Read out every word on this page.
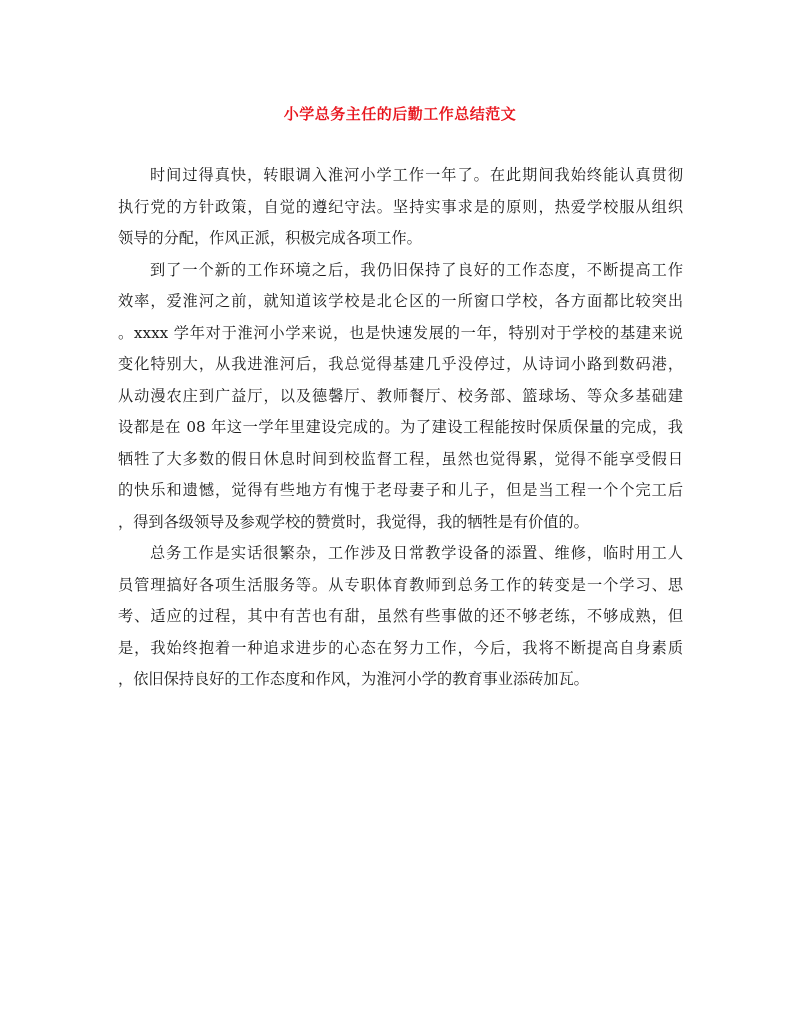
小学总务主任的后勤工作总结范文
时间过得真快，转眼调入淮河小学工作一年了。在此期间我始终能认真贯彻
执行党的方针政策，自觉的遵纪守法。坚持实事求是的原则，热爱学校服从组织
领导的分配，作风正派，积极完成各项工作。
到了一个新的工作环境之后，我仍旧保持了良好的工作态度，不断提高工作
效率，爱淮河之前，就知道该学校是北仑区的一所窗口学校，各方面都比较突出
。xxxx 学年对于淮河小学来说，也是快速发展的一年，特别对于学校的基建来说
变化特别大，从我进淮河后，我总觉得基建几乎没停过，从诗词小路到数码港，
从动漫农庄到广益厅，以及德馨厅、教师餐厅、校务部、篮球场、等众多基础建
设都是在 08 年这一学年里建设完成的。为了建设工程能按时保质保量的完成，我
牺牲了大多数的假日休息时间到校监督工程，虽然也觉得累，觉得不能享受假日
的快乐和遗憾，觉得有些地方有愧于老母妻子和儿子，但是当工程一个个完工后
，得到各级领导及参观学校的赞赏时，我觉得，我的牺牲是有价值的。
总务工作是实话很繁杂，工作涉及日常教学设备的添置、维修，临时用工人
员管理搞好各项生活服务等。从专职体育教师到总务工作的转变是一个学习、思
考、适应的过程，其中有苦也有甜，虽然有些事做的还不够老练，不够成熟，但
是，我始终抱着一种追求进步的心态在努力工作，今后，我将不断提高自身素质
，依旧保持良好的工作态度和作风，为淮河小学的教育事业添砖加瓦。
